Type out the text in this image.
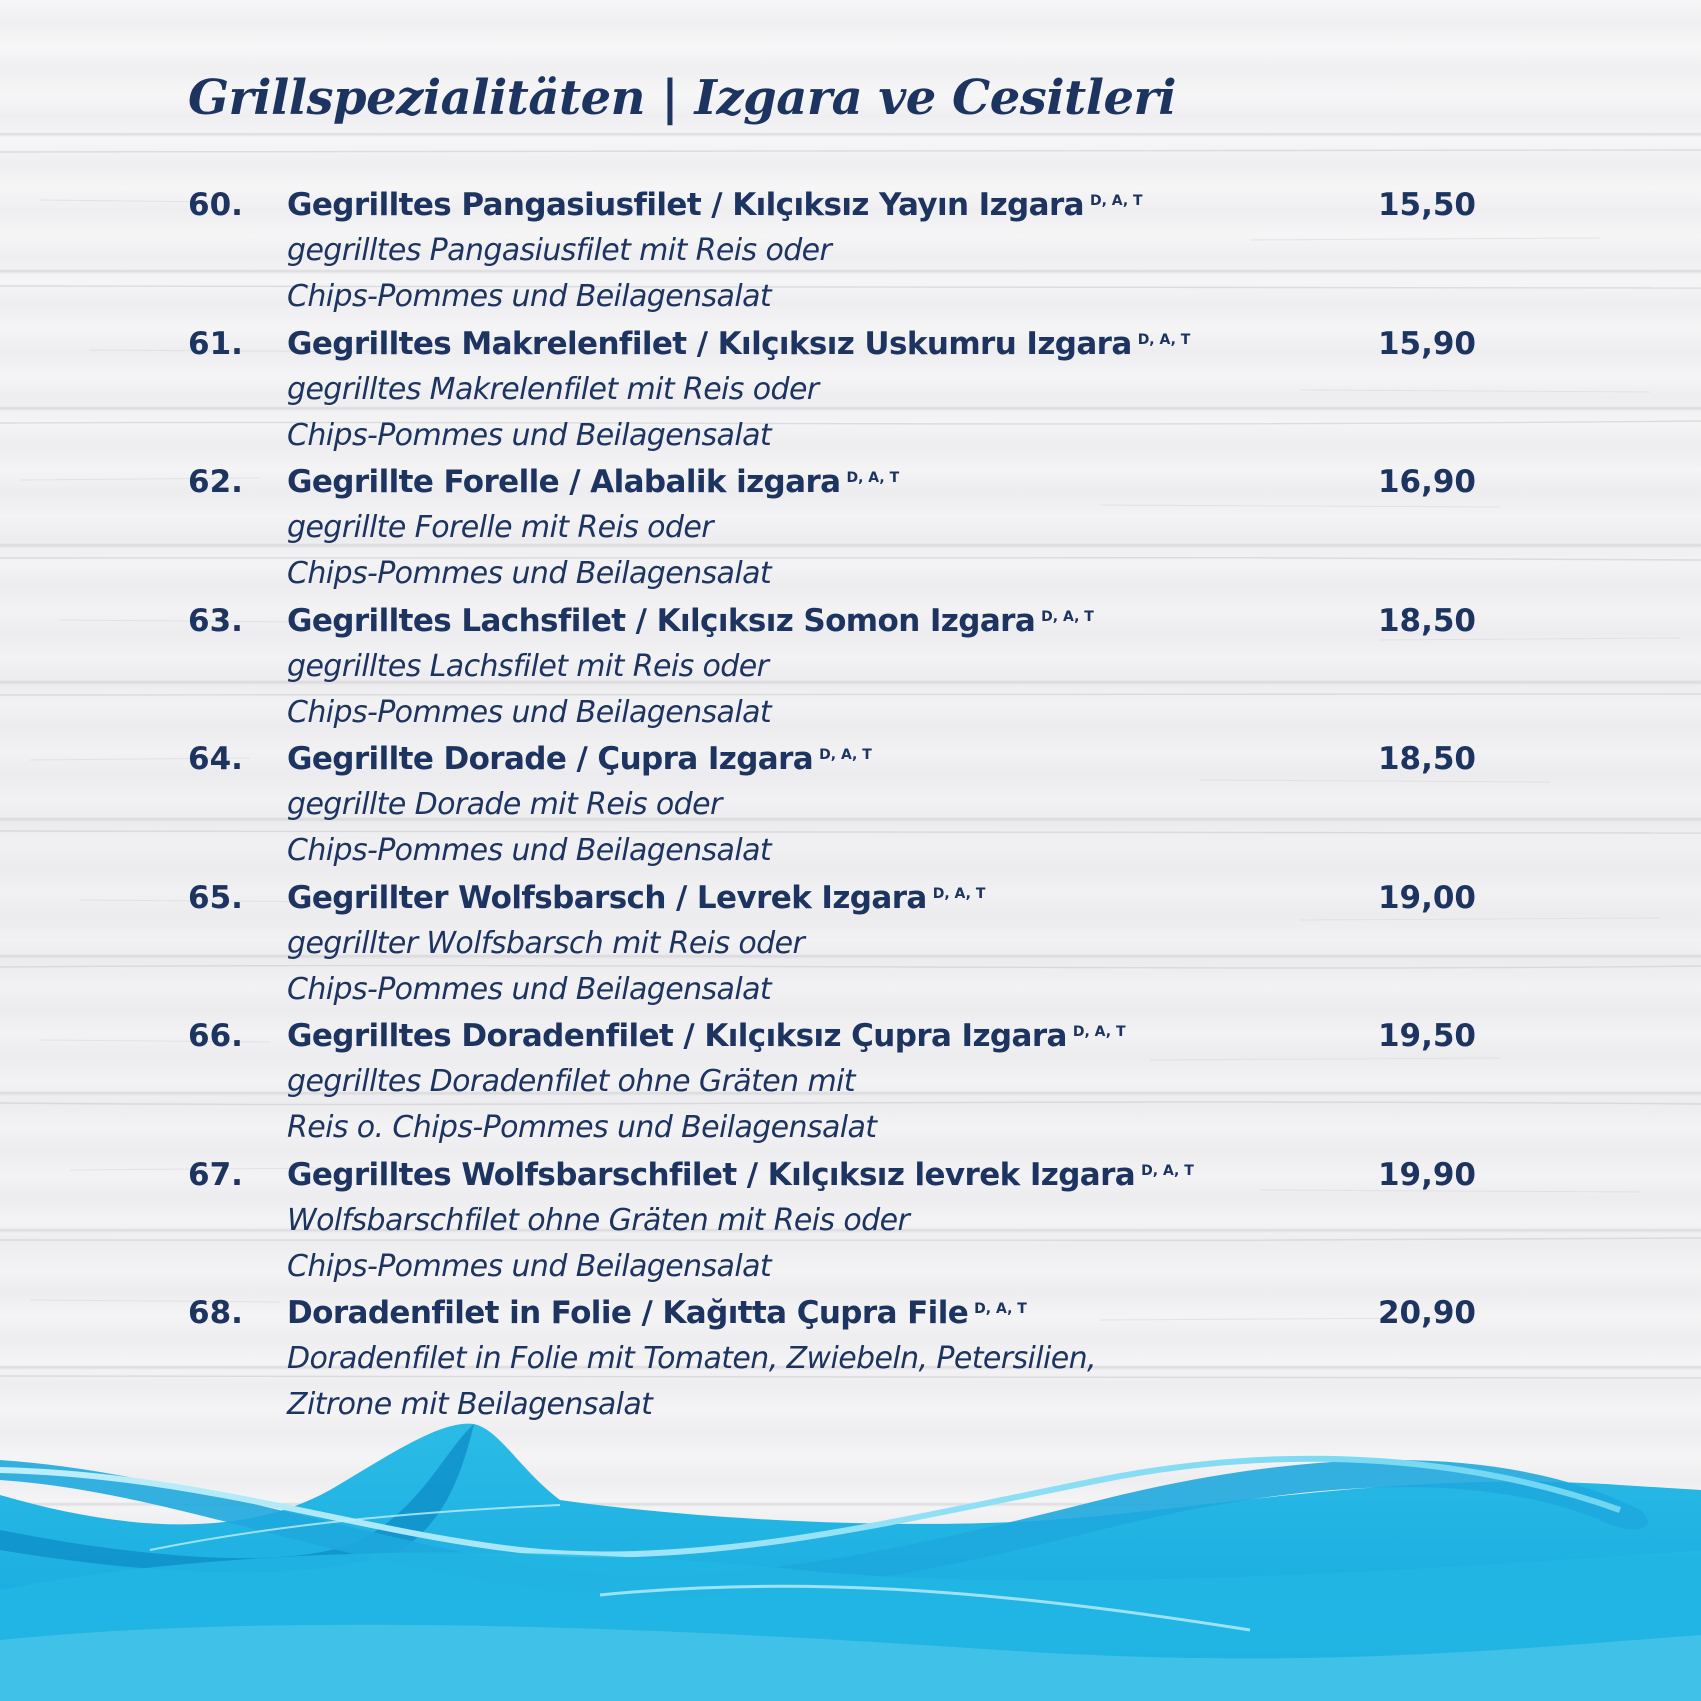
Grillspezialitäten | Izgara ve Cesitleri
60. Gegrilltes Pangasiusfilet / Kılçıksız Yayın Izgara $^{D, A, T}$
gegrilltes Pangasiusfilet mit Reis oder
Chips-Pommes und Beilagensalat
15,50
61. Gegrilltes Makrelenfilet / Kılçıksız Uskumru Izgara $^{D, A, T}$
gegrilltes Makrelenfilet mit Reis oder
Chips-Pommes und Beilagensalat
15,90
62. Gegrillte Forelle / Alabalik izgara $^{D, A, T}$
gegrillte Forelle mit Reis oder
Chips-Pommes und Beilagensalat
16,90
63. Gegrilltes Lachsfilet / Kılçıksız Somon Izgara $^{D, A, T}$
gegrilltes Lachsfilet mit Reis oder
Chips-Pommes und Beilagensalat
18,50
64. Gegrillte Dorade / Çupra Izgara $^{D, A, T}$
gegrillte Dorade mit Reis oder
Chips-Pommes und Beilagensalat
18,50
65. Gegrillter Wolfsbarsch / Levrek Izgara $^{D, A, T}$
gegrillter Wolfsbarsch mit Reis oder
Chips-Pommes und Beilagensalat
19,00
66. Gegrilltes Doradenfilet / Kılçıksız Çupra Izgara $^{D, A, T}$
gegrilltes Doradenfilet ohne Gräten mit
Reis o. Chips-Pommes und Beilagensalat
19,50
67. Gegrilltes Wolfsbarschfilet / Kılçıksız levrek Izgara $^{D, A, T}$
Wolfsbarschfilet ohne Gräten mit Reis oder
Chips-Pommes und Beilagensalat
19,90
68. Doradenfilet in Folie / Kağıtta Çupra File $^{D, A, T}$
Doradenfilet in Folie mit Tomaten, Zwiebeln, Petersilien,
Zitrone mit Beilagensalat
20,90
